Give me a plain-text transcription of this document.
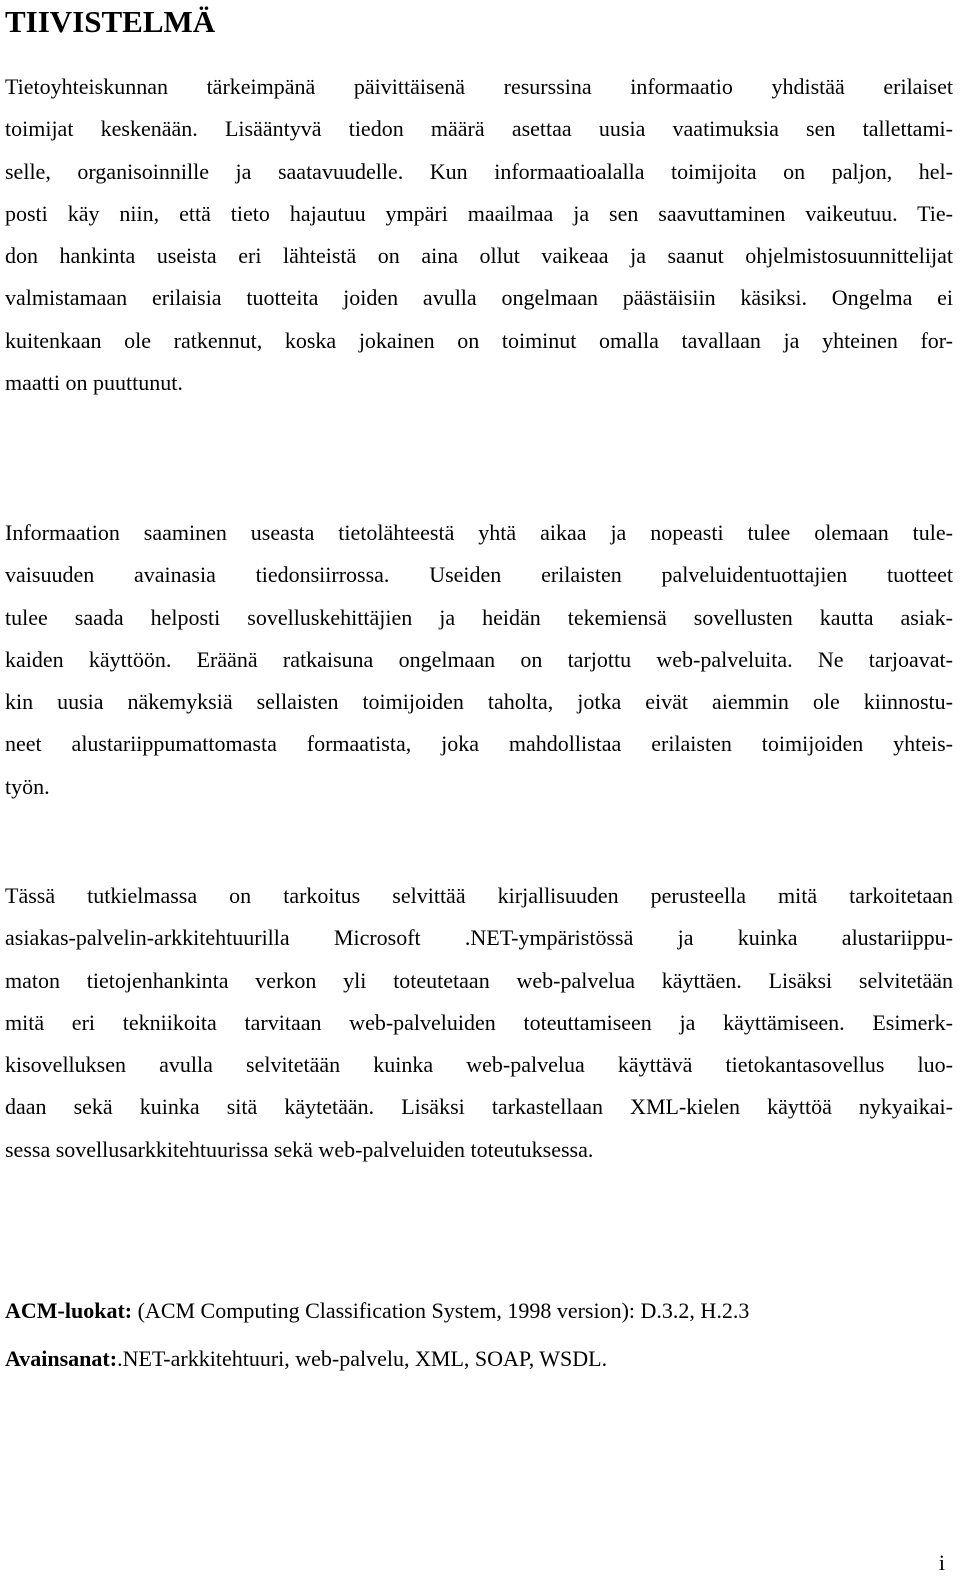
TIIVISTELMÄ
Tietoyhteiskunnan tärkeimpänä päivittäisenä resurssina informaatio yhdistää erilaiset
toimijat keskenään. Lisääntyvä tiedon määrä asettaa uusia vaatimuksia sen tallettami-
selle, organisoinnille ja saatavuudelle. Kun informaatioalalla toimijoita on paljon, hel-
posti käy niin, että tieto hajautuu ympäri maailmaa ja sen saavuttaminen vaikeutuu. Tie-
don hankinta useista eri lähteistä on aina ollut vaikeaa ja saanut ohjelmistosuunnittelijat
valmistamaan erilaisia tuotteita joiden avulla ongelmaan päästäisiin käsiksi. Ongelma ei
kuitenkaan ole ratkennut, koska jokainen on toiminut omalla tavallaan ja yhteinen for-
maatti on puuttunut.
Informaation saaminen useasta tietolähteestä yhtä aikaa ja nopeasti tulee olemaan tule-
vaisuuden avainasia tiedonsiirrossa. Useiden erilaisten palveluidentuottajien tuotteet
tulee saada helposti sovelluskehittäjien ja heidän tekemiensä sovellusten kautta asiak-
kaiden käyttöön. Eräänä ratkaisuna ongelmaan on tarjottu web-palveluita. Ne tarjoavat-
kin uusia näkemyksiä sellaisten toimijoiden taholta, jotka eivät aiemmin ole kiinnostu-
neet alustariippumattomasta formaatista, joka mahdollistaa erilaisten toimijoiden yhteis-
työn.
Tässä tutkielmassa on tarkoitus selvittää kirjallisuuden perusteella mitä tarkoitetaan
asiakas-palvelin-arkkitehtuurilla Microsoft .NET-ympäristössä ja kuinka alustariippu-
maton tietojenhankinta verkon yli toteutetaan web-palvelua käyttäen. Lisäksi selvitetään
mitä eri tekniikoita tarvitaan web-palveluiden toteuttamiseen ja käyttämiseen. Esimerk-
kisovelluksen avulla selvitetään kuinka web-palvelua käyttävä tietokantasovellus luo-
daan sekä kuinka sitä käytetään. Lisäksi tarkastellaan XML-kielen käyttöä nykyaikai-
sessa sovellusarkkitehtuurissa sekä web-palveluiden toteutuksessa.

ACM-luokat: (ACM Computing Classification System, 1998 version): D.3.2, H.2.3

Avainsanat:.NET-arkkitehtuuri, web-palvelu, XML, SOAP, WSDL.

i
